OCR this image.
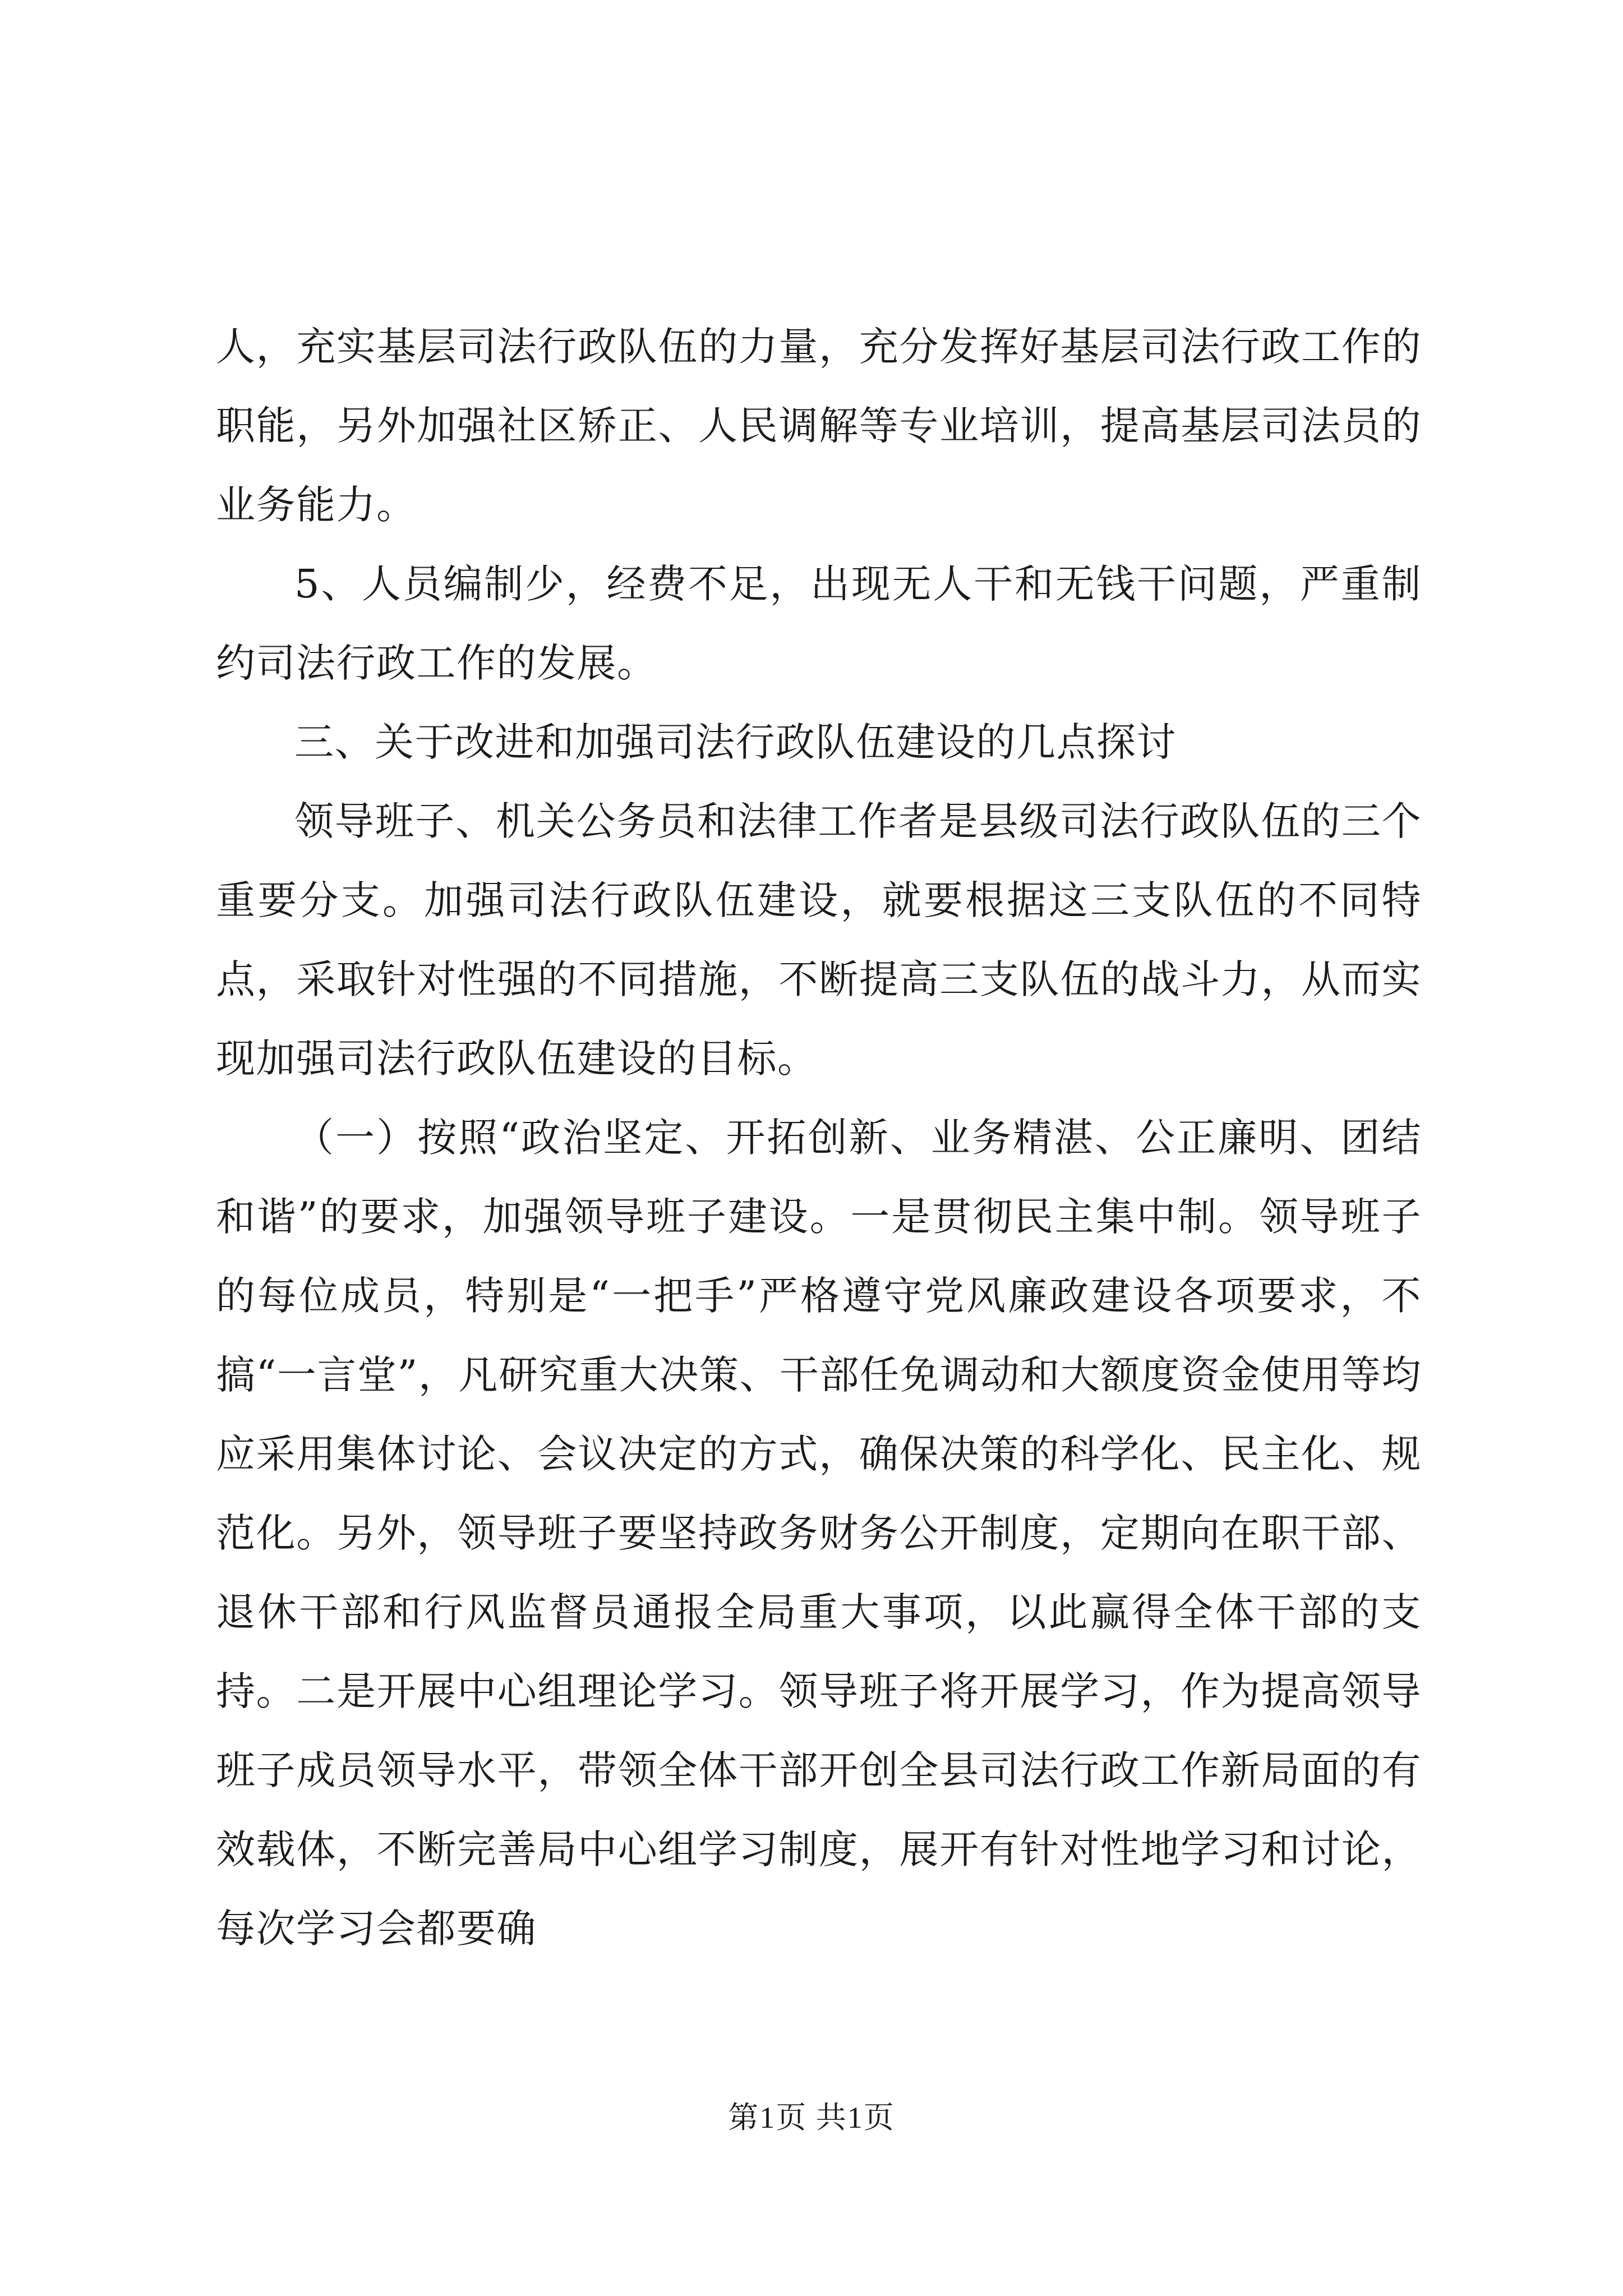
人，充实基层司法行政队伍的力量，充分发挥好基层司法行政工作的职能，另外加强社区矫正、人民调解等专业培训，提高基层司法员的业务能力。

5、人员编制少，经费不足，出现无人干和无钱干问题，严重制约司法行政工作的发展。

三、关于改进和加强司法行政队伍建设的几点探讨

领导班子、机关公务员和法律工作者是县级司法行政队伍的三个重要分支。加强司法行政队伍建设，就要根据这三支队伍的不同特点，采取针对性强的不同措施，不断提高三支队伍的战斗力，从而实现加强司法行政队伍建设的目标。

（一）按照“政治坚定、开拓创新、业务精湛、公正廉明、团结和谐”的要求，加强领导班子建设。一是贯彻民主集中制。领导班子的每位成员，特别是“一把手”严格遵守党风廉政建设各项要求，不搞“一言堂”，凡研究重大决策、干部任免调动和大额度资金使用等均应采用集体讨论、会议决定的方式，确保决策的科学化、民主化、规范化。另外，领导班子要坚持政务财务公开制度，定期向在职干部、退休干部和行风监督员通报全局重大事项，以此赢得全体干部的支持。二是开展中心组理论学习。领导班子将开展学习，作为提高领导班子成员领导水平，带领全体干部开创全县司法行政工作新局面的有效载体，不断完善局中心组学习制度，展开有针对性地学习和讨论，每次学习会都要确

第1页 共1页
